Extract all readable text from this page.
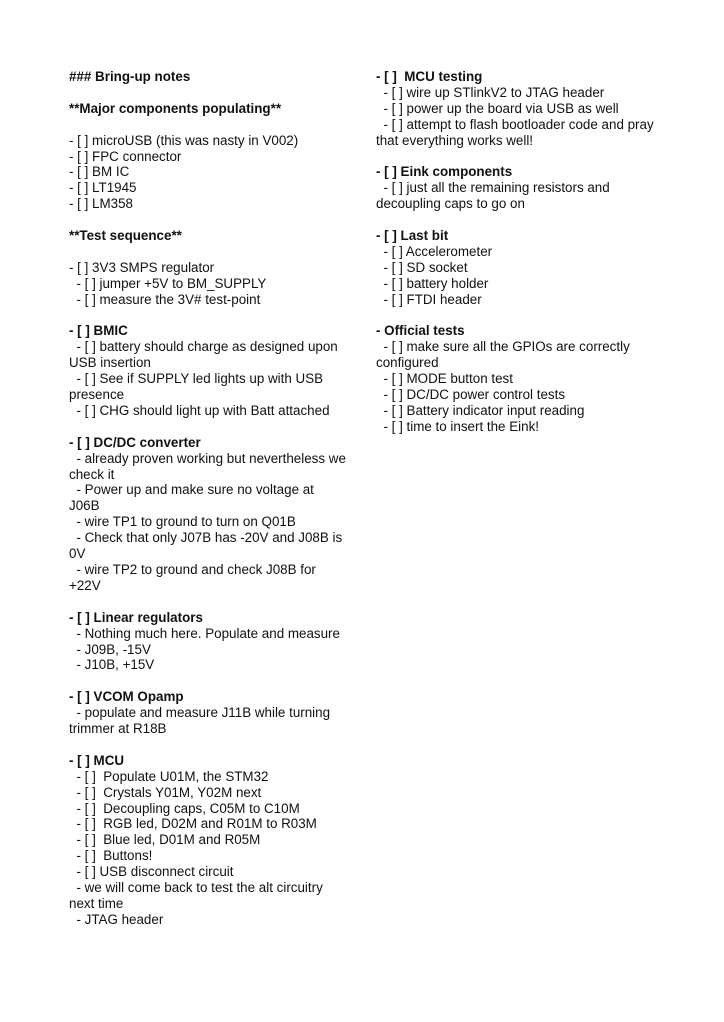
### Bring-up notes
**Major components populating**
- [ ] microUSB (this was nasty in V002)
- [ ] FPC connector
- [ ] BM IC
- [ ] LT1945
- [ ] LM358
**Test sequence**
- [ ] 3V3 SMPS regulator
- [ ] jumper +5V to BM_SUPPLY
- [ ] measure the 3V# test-point
- [ ] BMIC
- [ ] battery should charge as designed upon
USB insertion
- [ ] See if SUPPLY led lights up with USB
presence
- [ ] CHG should light up with Batt attached
- [ ] DC/DC converter
- already proven working but nevertheless we
check it
- Power up and make sure no voltage at
J06B
- wire TP1 to ground to turn on Q01B
- Check that only J07B has -20V and J08B is
0V
- wire TP2 to ground and check J08B for
+22V
- [ ] Linear regulators
- Nothing much here. Populate and measure
- J09B, -15V
- J10B, +15V
- [ ] VCOM Opamp
- populate and measure J11B while turning
trimmer at R18B
- [ ] MCU
- [ ]  Populate U01M, the STM32
- [ ]  Crystals Y01M, Y02M next
- [ ]  Decoupling caps, C05M to C10M
- [ ]  RGB led, D02M and R01M to R03M
- [ ]  Blue led, D01M and R05M
- [ ]  Buttons!
- [ ] USB disconnect circuit
- we will come back to test the alt circuitry
next time
- JTAG header
- [ ]  MCU testing
- [ ] wire up STlinkV2 to JTAG header
- [ ] power up the board via USB as well
- [ ] attempt to flash bootloader code and pray
that everything works well!
- [ ] Eink components
- [ ] just all the remaining resistors and
decoupling caps to go on
- [ ] Last bit
- [ ] Accelerometer
- [ ] SD socket
- [ ] battery holder
- [ ] FTDI header
- Official tests
- [ ] make sure all the GPIOs are correctly
configured
- [ ] MODE button test
- [ ] DC/DC power control tests
- [ ] Battery indicator input reading
- [ ] time to insert the Eink!
